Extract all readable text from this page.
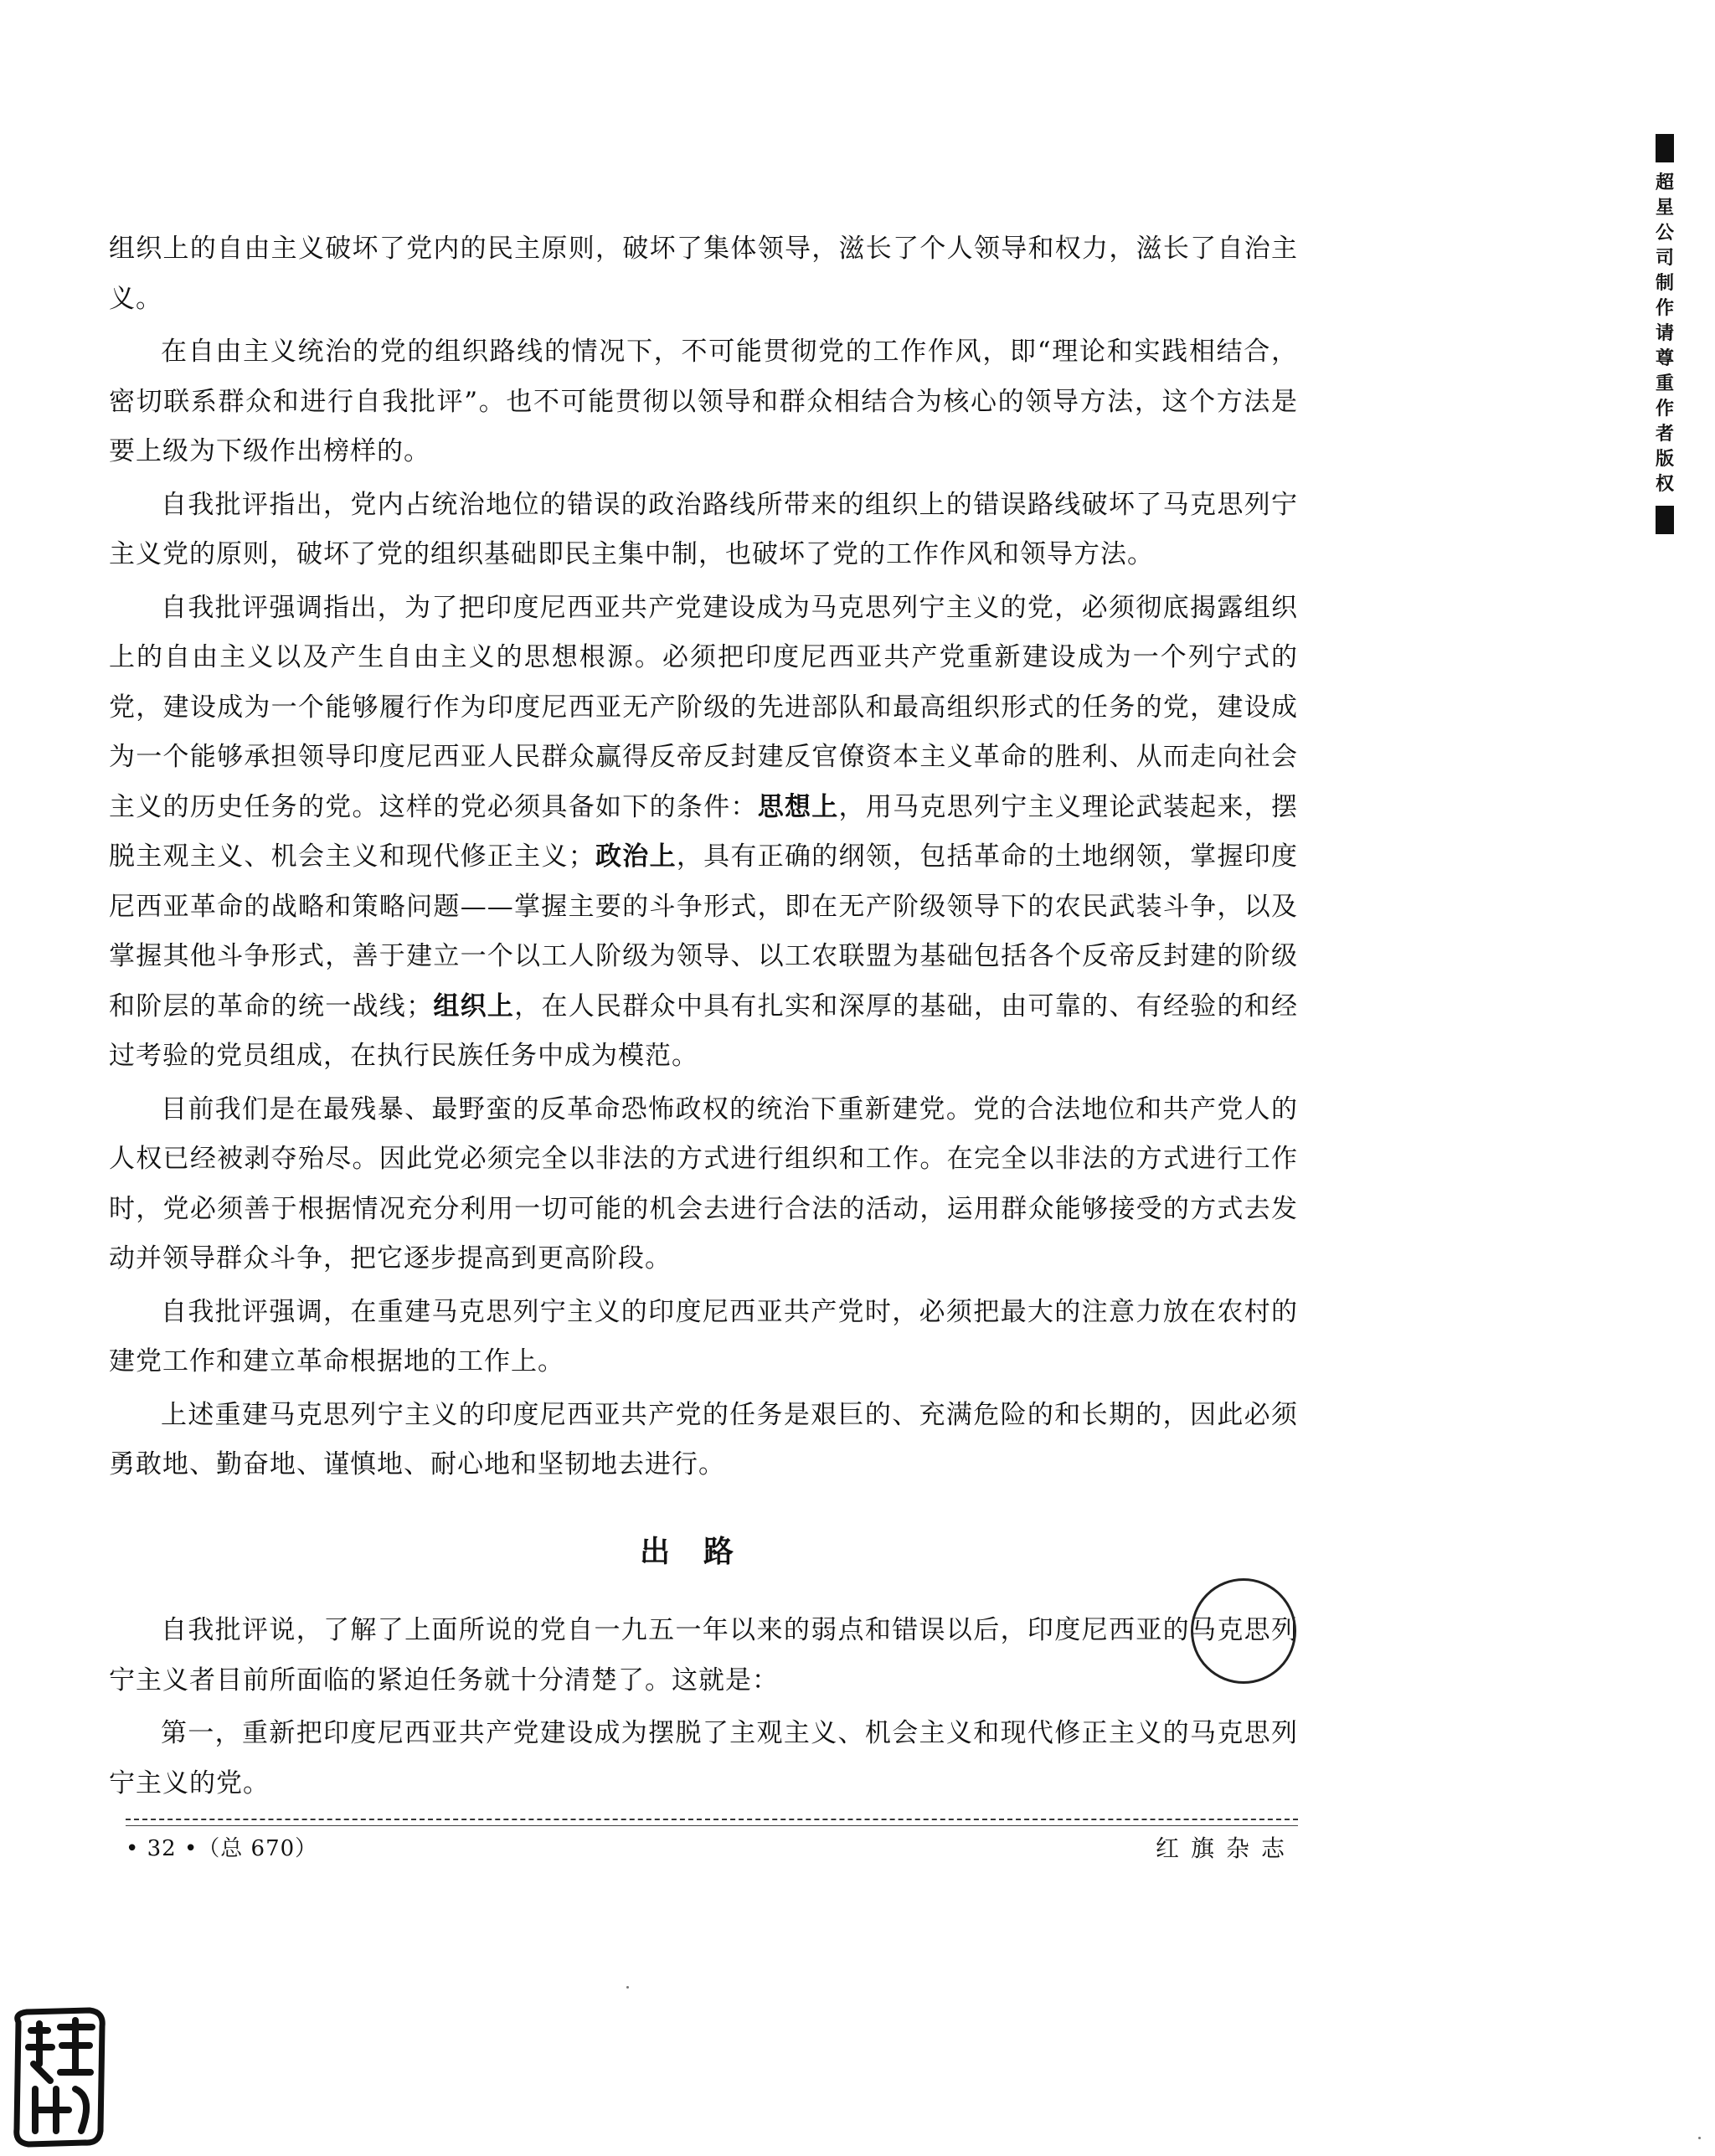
超星公司制作请尊重作者版权

组织上的自由主义破坏了党内的民主原则，破坏了集体领导，滋长了个人领导和权力，滋长了自治主义。

在自由主义统治的党的组织路线的情况下，不可能贯彻党的工作作风，即“理论和实践相结合，密切联系群众和进行自我批评”。也不可能贯彻以领导和群众相结合为核心的领导方法，这个方法是要上级为下级作出榜样的。

自我批评指出，党内占统治地位的错误的政治路线所带来的组织上的错误路线破坏了马克思列宁主义党的原则，破坏了党的组织基础即民主集中制，也破坏了党的工作作风和领导方法。

自我批评强调指出，为了把印度尼西亚共产党建设成为马克思列宁主义的党，必须彻底揭露组织上的自由主义以及产生自由主义的思想根源。必须把印度尼西亚共产党重新建设成为一个列宁式的党，建设成为一个能够履行作为印度尼西亚无产阶级的先进部队和最高组织形式的任务的党，建设成为一个能够承担领导印度尼西亚人民群众赢得反帝反封建反官僚资本主义革命的胜利、从而走向社会主义的历史任务的党。这样的党必须具备如下的条件：思想上，用马克思列宁主义理论武装起来，摆脱主观主义、机会主义和现代修正主义；政治上，具有正确的纲领，包括革命的土地纲领，掌握印度尼西亚革命的战略和策略问题——掌握主要的斗争形式，即在无产阶级领导下的农民武装斗争，以及掌握其他斗争形式，善于建立一个以工人阶级为领导、以工农联盟为基础包括各个反帝反封建的阶级和阶层的革命的统一战线；组织上，在人民群众中具有扎实和深厚的基础，由可靠的、有经验的和经过考验的党员组成，在执行民族任务中成为模范。

目前我们是在最残暴、最野蛮的反革命恐怖政权的统治下重新建党。党的合法地位和共产党人的人权已经被剥夺殆尽。因此党必须完全以非法的方式进行组织和工作。在完全以非法的方式进行工作时，党必须善于根据情况充分利用一切可能的机会去进行合法的活动，运用群众能够接受的方式去发动并领导群众斗争，把它逐步提高到更高阶段。

自我批评强调，在重建马克思列宁主义的印度尼西亚共产党时，必须把最大的注意力放在农村的建党工作和建立革命根据地的工作上。

上述重建马克思列宁主义的印度尼西亚共产党的任务是艰巨的、充满危险的和长期的，因此必须勇敢地、勤奋地、谨慎地、耐心地和坚韧地去进行。

出路

自我批评说，了解了上面所说的党自一九五一年以来的弱点和错误以后，印度尼西亚的马克思列宁主义者目前所面临的紧迫任务就十分清楚了。这就是：

第一，重新把印度尼西亚共产党建设成为摆脱了主观主义、机会主义和现代修正主义的马克思列宁主义的党。

• 32 •（总 670）	红旗杂志
